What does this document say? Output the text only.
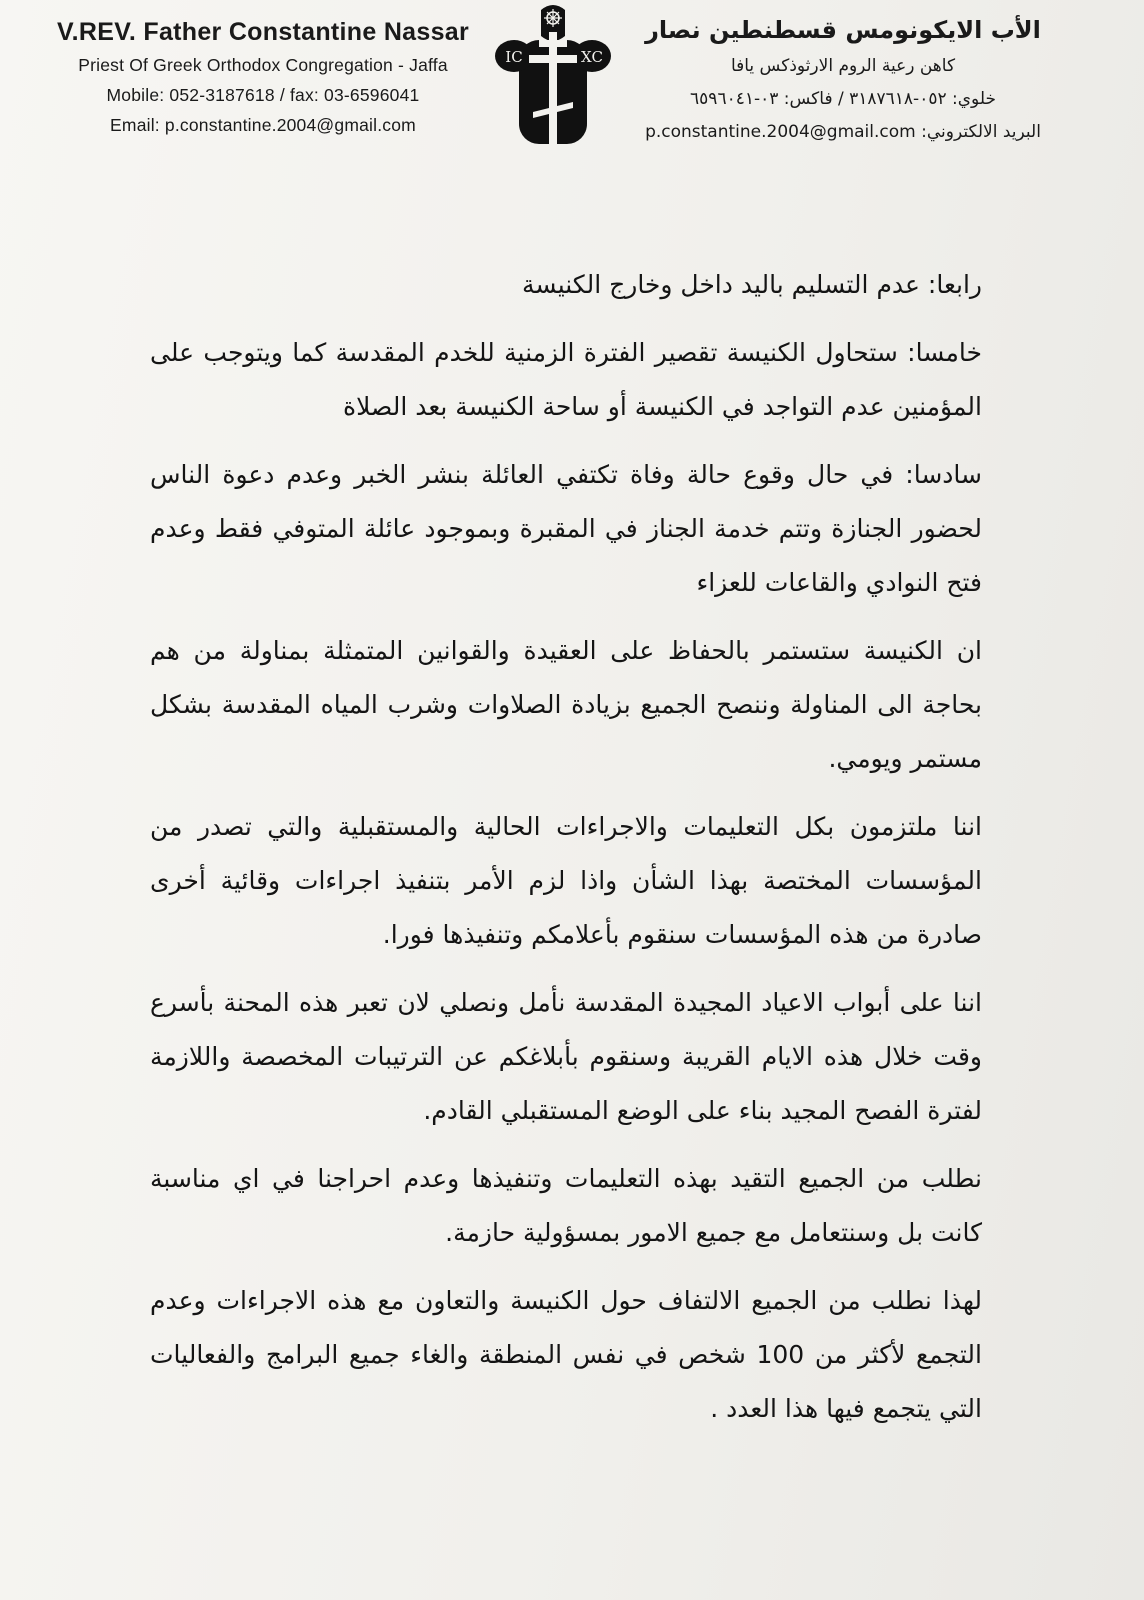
V.REV. Father Constantine Nassar
Priest Of Greek Orthodox Congregation - Jaffa
Mobile: 052-3187618 / fax: 03-6596041
Email: p.constantine.2004@gmail.com
IC	XC
الأب الايكونومس قسطنطين نصار
كاهن رعية الروم الارثوذكس يافا
خلوي: ٠٥٢-٣١٨٧٦١٨ / فاكس: ٠٣-٦٥٩٦٠٤١
البريد الالكتروني: p.constantine.2004@gmail.com

رابعا: عدم التسليم باليد داخل وخارج الكنيسة

خامسا: ستحاول الكنيسة تقصير الفترة الزمنية للخدم المقدسة كما ويتوجب على المؤمنين عدم التواجد في الكنيسة أو ساحة الكنيسة بعد الصلاة

سادسا: في حال وقوع حالة وفاة تكتفي العائلة بنشر الخبر وعدم دعوة الناس لحضور الجنازة وتتم خدمة الجناز في المقبرة وبموجود عائلة المتوفي فقط وعدم فتح النوادي والقاعات للعزاء

ان الكنيسة ستستمر بالحفاظ على العقيدة والقوانين المتمثلة بمناولة من هم بحاجة الى المناولة وننصح الجميع بزيادة الصلاوات وشرب المياه المقدسة بشكل مستمر ويومي.

اننا ملتزمون بكل التعليمات والاجراءات الحالية والمستقبلية والتي تصدر من المؤسسات المختصة بهذا الشأن واذا لزم الأمر بتنفيذ اجراءات وقائية أخرى صادرة من هذه المؤسسات سنقوم بأعلامكم وتنفيذها فورا.

اننا على أبواب الاعياد المجيدة المقدسة نأمل ونصلي لان تعبر هذه المحنة بأسرع وقت خلال هذه الايام القريبة وسنقوم بأبلاغكم عن الترتيبات المخصصة واللازمة لفترة الفصح المجيد بناء على الوضع المستقبلي القادم.

نطلب من الجميع التقيد بهذه التعليمات وتنفيذها وعدم احراجنا في اي مناسبة كانت بل وسنتعامل مع جميع الامور بمسؤولية حازمة.

لهذا نطلب من الجميع الالتفاف حول الكنيسة والتعاون مع هذه الاجراءات وعدم التجمع لأكثر من 100 شخص في نفس المنطقة والغاء جميع البرامج والفعاليات التي يتجمع فيها هذا العدد .
